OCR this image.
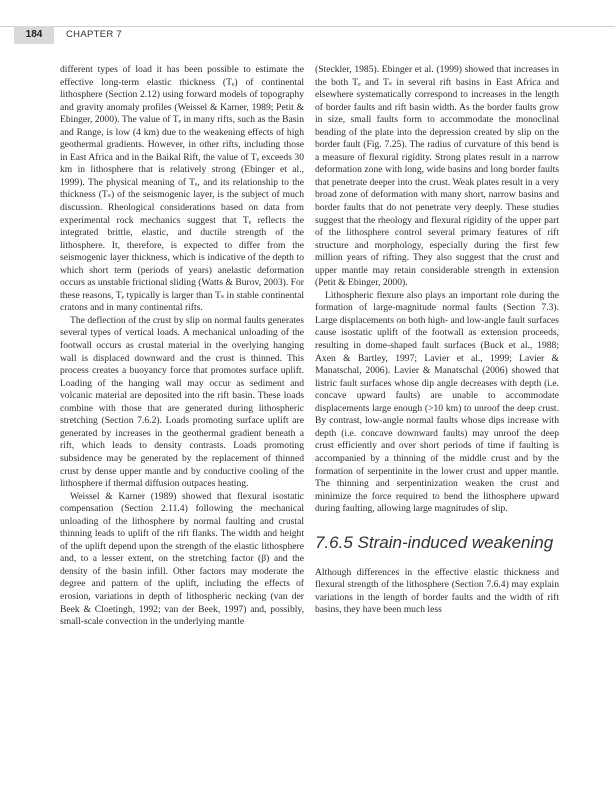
184	CHAPTER 7

different types of load it has been possible to estimate the effective long-term elastic thickness (Tₑ) of continental lithosphere (Section 2.12) using forward models of topography and gravity anomaly profiles (Weissel & Karner, 1989; Petit & Ebinger, 2000). The value of Tₑ in many rifts, such as the Basin and Range, is low (4 km) due to the weakening effects of high geothermal gradients. However, in other rifts, including those in East Africa and in the Baikal Rift, the value of Tₑ exceeds 30 km in lithosphere that is relatively strong (Ebinger et al., 1999). The physical meaning of Tₑ, and its relationship to the thickness (Tₛ) of the seismogenic layer, is the subject of much discussion. Rheological considerations based on data from experimental rock mechanics suggest that Tₑ reflects the integrated brittle, elastic, and ductile strength of the lithosphere. It, therefore, is expected to differ from the seismogenic layer thickness, which is indicative of the depth to which short term (periods of years) anelastic deformation occurs as unstable frictional sliding (Watts & Burov, 2003). For these reasons, Tₑ typically is larger than Tₛ in stable continental cratons and in many continental rifts.

The deflection of the crust by slip on normal faults generates several types of vertical loads. A mechanical unloading of the footwall occurs as crustal material in the overlying hanging wall is displaced downward and the crust is thinned. This process creates a buoyancy force that promotes surface uplift. Loading of the hanging wall may occur as sediment and volcanic material are deposited into the rift basin. These loads combine with those that are generated during lithospheric stretching (Section 7.6.2). Loads promoting surface uplift are generated by increases in the geothermal gradient beneath a rift, which leads to density contrasts. Loads promoting subsidence may be generated by the replacement of thinned crust by dense upper mantle and by conductive cooling of the lithosphere if thermal diffusion outpaces heating.

Weissel & Karner (1989) showed that flexural isostatic compensation (Section 2.11.4) following the mechanical unloading of the lithosphere by normal faulting and crustal thinning leads to uplift of the rift flanks. The width and height of the uplift depend upon the strength of the elastic lithosphere and, to a lesser extent, on the stretching factor (β) and the density of the basin infill. Other factors may moderate the degree and pattern of the uplift, including the effects of erosion, variations in depth of lithospheric necking (van der Beek & Cloetingh, 1992; van der Beek, 1997) and, possibly, small-scale convection in the underlying mantle

(Steckler, 1985). Ebinger et al. (1999) showed that increases in the both Tₑ and Tₛ in several rift basins in East Africa and elsewhere systematically correspond to increases in the length of border faults and rift basin width. As the border faults grow in size, small faults form to accommodate the monoclinal bending of the plate into the depression created by slip on the border fault (Fig. 7.25). The radius of curvature of this bend is a measure of flexural rigidity. Strong plates result in a narrow deformation zone with long, wide basins and long border faults that penetrate deeper into the crust. Weak plates result in a very broad zone of deformation with many short, narrow basins and border faults that do not penetrate very deeply. These studies suggest that the rheology and flexural rigidity of the upper part of the lithosphere control several primary features of rift structure and morphology, especially during the first few million years of rifting. They also suggest that the crust and upper mantle may retain considerable strength in extension (Petit & Ebinger, 2000).

Lithospheric flexure also plays an important role during the formation of large-magnitude normal faults (Section 7.3). Large displacements on both high- and low-angle fault surfaces cause isostatic uplift of the footwall as extension proceeds, resulting in dome-shaped fault surfaces (Buck et al., 1988; Axen & Bartley, 1997; Lavier et al., 1999; Lavier & Manatschal, 2006). Lavier & Manatschal (2006) showed that listric fault surfaces whose dip angle decreases with depth (i.e. concave upward faults) are unable to accommodate displacements large enough (>10 km) to unroof the deep crust. By contrast, low-angle normal faults whose dips increase with depth (i.e. concave downward faults) may unroof the deep crust efficiently and over short periods of time if faulting is accompanied by a thinning of the middle crust and by the formation of serpentinite in the lower crust and upper mantle. The thinning and serpentinization weaken the crust and minimize the force required to bend the lithosphere upward during faulting, allowing large magnitudes of slip.

7.6.5 Strain-induced weakening

Although differences in the effective elastic thickness and flexural strength of the lithosphere (Section 7.6.4) may explain variations in the length of border faults and the width of rift basins, they have been much less
